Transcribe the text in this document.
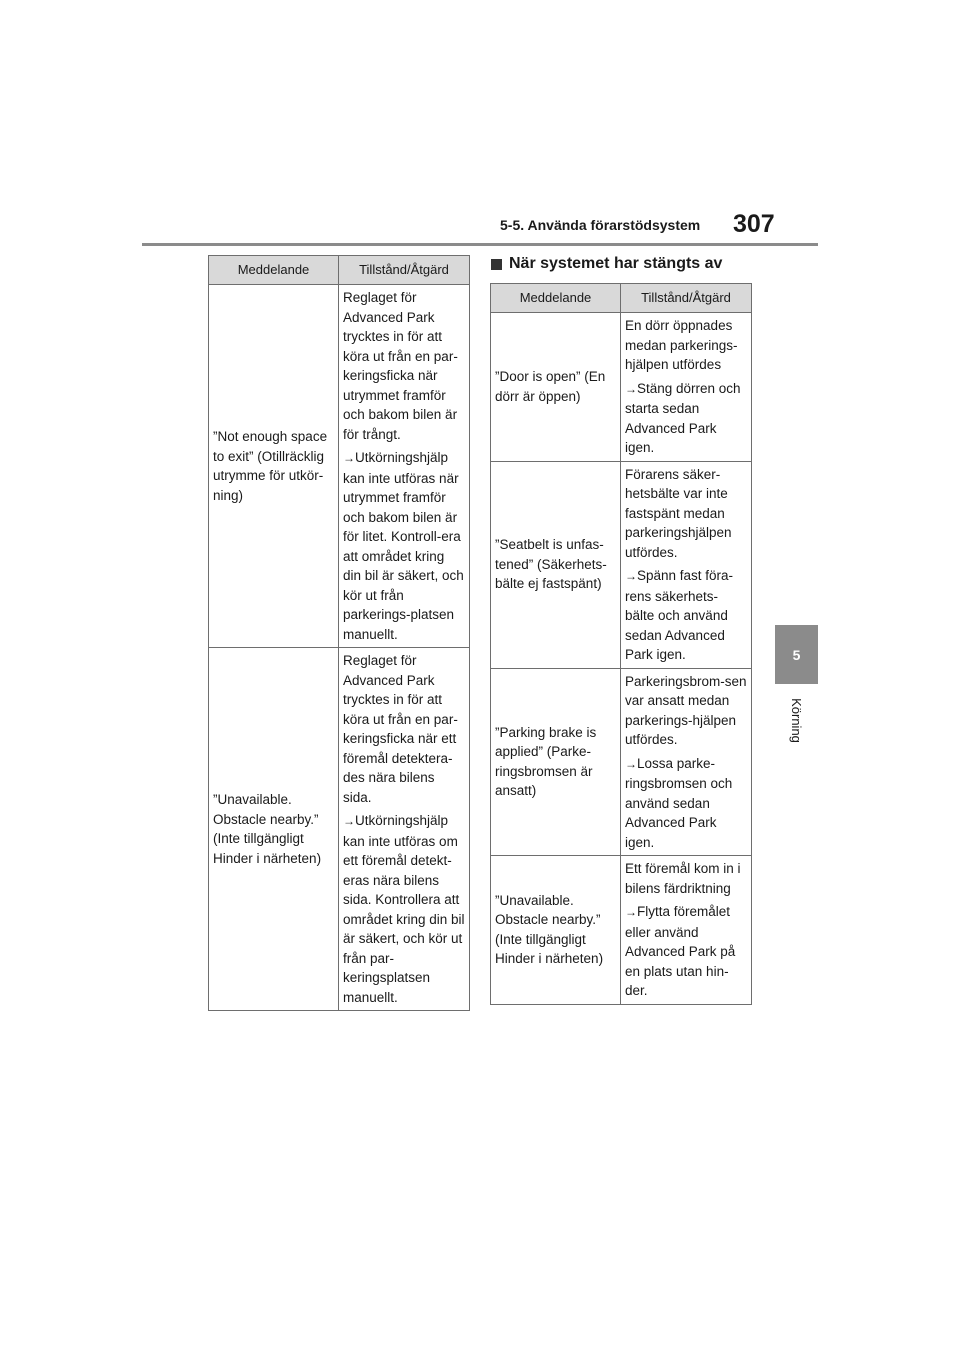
5-5. Använda förarstödsystem 307
5
Körning
Meddelande	Tillstånd/Åtgärd
”Not enough space to exit” (Otillräcklig utrymme för utkör-ning)	Reglaget för Advanced Park trycktes in för att köra ut från en par-keringsficka när utrymmet framför och bakom bilen är för trångt.

→Utkörningshjälp kan inte utföras när utrymmet framför och bakom bilen är för litet. Kontroll-era att området kring din bil är säkert, och kör ut från parkerings-platsen manuellt.

”Unavailable. Obstacle nearby.” (Inte tillgängligt Hinder i närheten)	Reglaget för Advanced Park trycktes in för att köra ut från en par-keringsficka när ett föremål detektera-des nära bilens sida.

→Utkörningshjälp kan inte utföras om ett föremål detekt-eras nära bilens sida. Kontrollera att området kring din bil är säkert, och kör ut från par-keringsplatsen manuellt.

När systemet har stängts av
Meddelande	Tillstånd/Åtgärd
”Door is open” (En dörr är öppen)	En dörr öppnades medan parkerings-hjälpen utfördes

→Stäng dörren och starta sedan Advanced Park igen.

”Seatbelt is unfas-tened” (Säkerhets-bälte ej fastspänt)	Förarens säker-hetsbälte var inte fastspänt medan parkeringshjälpen utfördes.

→Spänn fast föra-rens säkerhets-bälte och använd sedan Advanced Park igen.

”Parking brake is applied” (Parke-ringsbromsen är ansatt)	Parkeringsbrom-sen var ansatt medan parkerings-hjälpen utfördes.

→Lossa parke-ringsbromsen och använd sedan Advanced Park igen.

”Unavailable. Obstacle nearby.” (Inte tillgängligt Hinder i närheten)	Ett föremål kom in i bilens färdriktning

→Flytta föremålet eller använd Advanced Park på en plats utan hin-der.
